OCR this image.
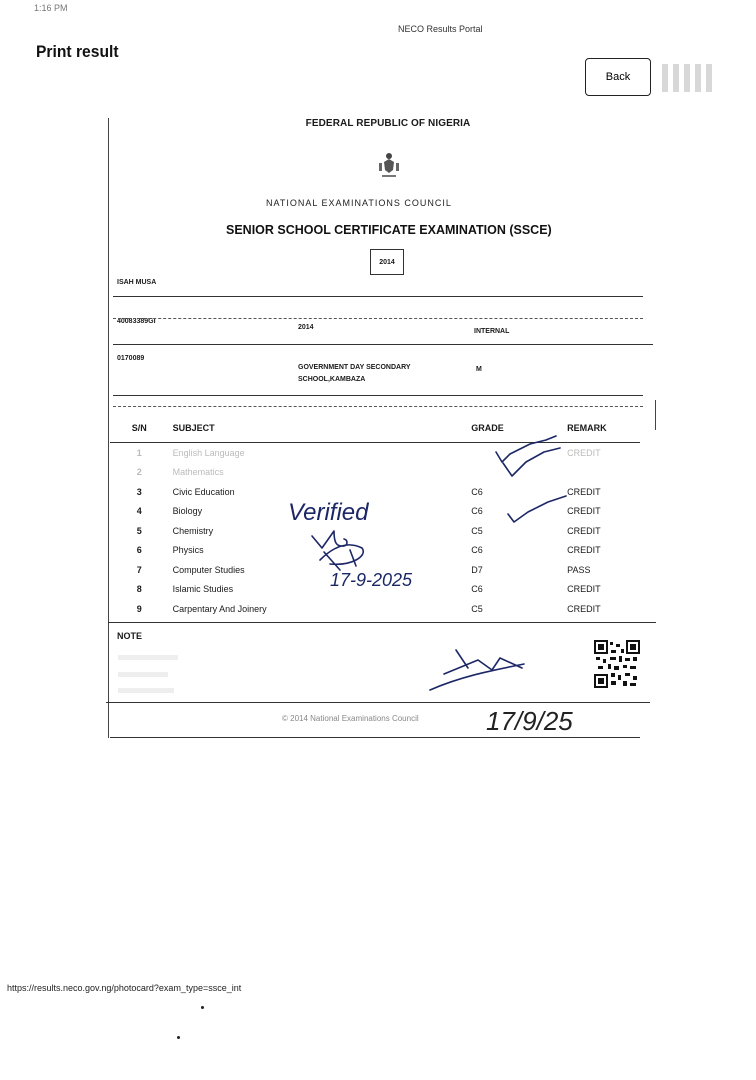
1:16 PM
NECO Results Portal
Print result
Back
FEDERAL REPUBLIC OF NIGERIA
NATIONAL EXAMINATIONS COUNCIL
SENIOR SCHOOL CERTIFICATE EXAMINATION (SSCE)
2014
ISAH MUSA
40083389GI
2014
INTERNAL
0170089
GOVERNMENT DAY SECONDARY
SCHOOL,KAMBAZA
M
S/N	SUBJECT	GRADE	REMARK
1	English Language		CREDIT
2	Mathematics		
3	Civic Education	C6	CREDIT
4	Biology	C6	CREDIT
5	Chemistry	C5	CREDIT
6	Physics	C6	CREDIT
7	Computer Studies	D7	PASS
8	Islamic Studies	C6	CREDIT
9	Carpentary And Joinery	C5	CREDIT
NOTE
© 2014 National Examinations Council
https://results.neco.gov.ng/photocard?exam_type=ssce_int
Verified
17-9-2025
17/9/25
